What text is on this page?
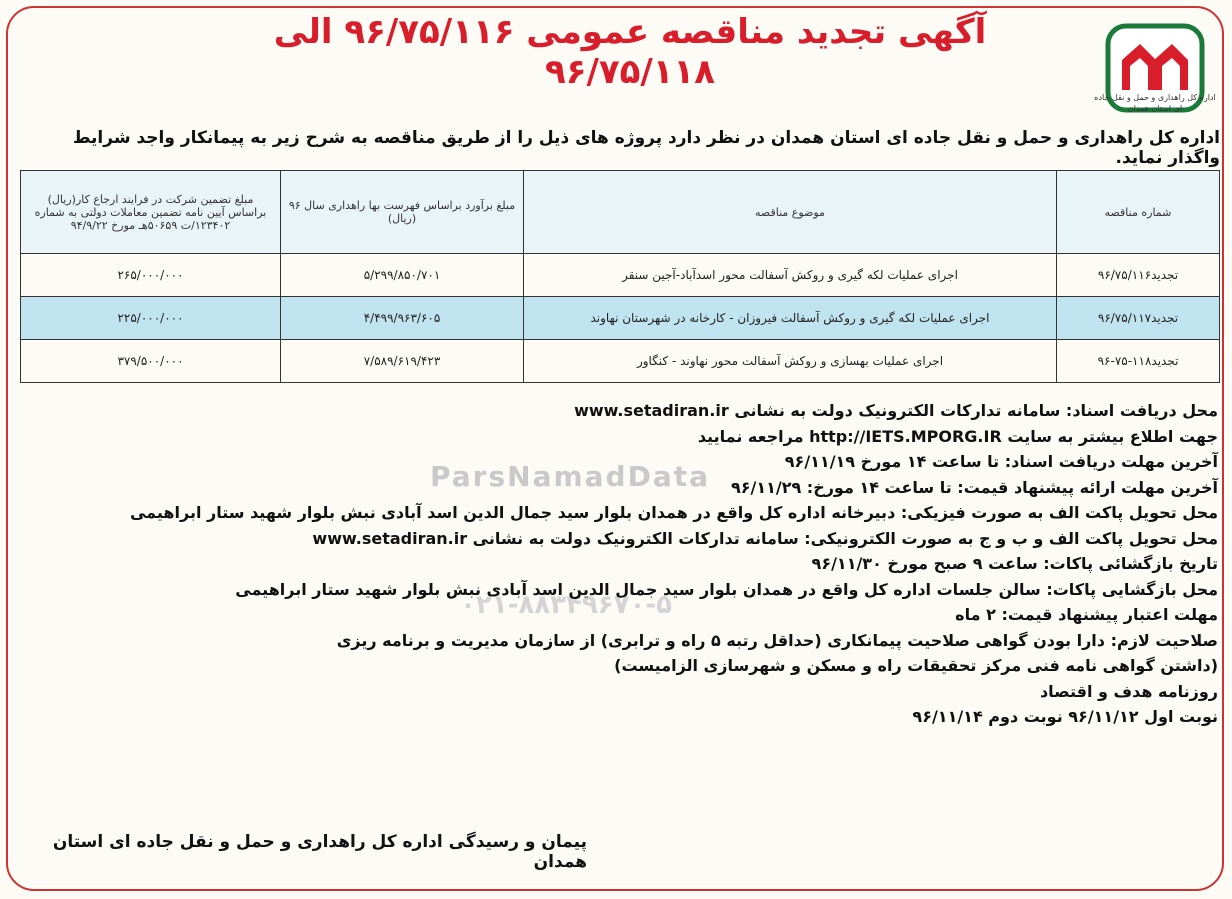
اداره کل راهداری و حمل و نقل جاده ای استان همدان
آگهی تجدید مناقصه عمومی ۹۶/۷۵/۱۱۶ الی ۹۶/۷۵/۱۱۸
اداره کل راهداری و حمل و نقل جاده ای استان همدان در نظر دارد پروژه های ذیل را از طریق مناقصه به شرح زیر به پیمانکار واجد شرایط واگذار نماید.
شماره مناقصه	موضوع مناقصه	مبلغ برآورد براساس فهرست بها راهداری سال ۹۶ (ریال)	مبلغ تضمین شرکت در فرایند ارجاع کار(ریال) براساس آیین نامه تضمین معاملات دولتی به شماره ۱۲۳۴۰۲/ت ۵۰۶۵۹هـ مورخ ۹۴/۹/۲۲
تجدید۹۶/۷۵/۱۱۶	اجرای عملیات لکه گیری و روکش آسفالت محور اسدآباد-آجین سنقر	۵/۲۹۹/۸۵۰/۷۰۱	۲۶۵/۰۰۰/۰۰۰
تجدید۹۶/۷۵/۱۱۷	اجرای عملیات لکه گیری و روکش آسفالت فیروزان - کارخانه در شهرستان نهاوند	۴/۴۹۹/۹۶۳/۶۰۵	۲۲۵/۰۰۰/۰۰۰
تجدید۱۱۸-۷۵-۹۶	اجرای عملیات بهسازی و روکش آسفالت محور نهاوند - کنگاور	۷/۵۸۹/۶۱۹/۴۲۳	۳۷۹/۵۰۰/۰۰۰
ParsNamadData
۰۲۱-۸۸۳۴۹۶۷۰-۵
محل دریافت اسناد: سامانه تدارکات الکترونیک دولت به نشانی www.setadiran.ir
جهت اطلاع بیشتر به سایت http://IETS.MPORG.IR مراجعه نمایید
آخرین مهلت دریافت اسناد: تا ساعت ۱۴ مورخ ۹۶/۱۱/۱۹
آخرین مهلت ارائه پیشنهاد قیمت: تا ساعت ۱۴ مورخ: ۹۶/۱۱/۲۹
محل تحویل پاکت الف به صورت فیزیکی: دبیرخانه اداره کل واقع در همدان بلوار سید جمال الدین اسد آبادی نبش بلوار شهید ستار ابراهیمی
محل تحویل پاکت الف و ب و ج به صورت الکترونیکی: سامانه تدارکات الکترونیک دولت به نشانی www.setadiran.ir
تاریخ بازگشائی پاکات: ساعت ۹ صبح مورخ ۹۶/۱۱/۳۰
محل بازگشایی پاکات: سالن جلسات اداره کل واقع در همدان بلوار سید جمال الدین اسد آبادی نبش بلوار شهید ستار ابراهیمی
مهلت اعتبار پیشنهاد قیمت: ۲ ماه
صلاحیت لازم: دارا بودن گواهی صلاحیت پیمانکاری (حداقل رتبه ۵ راه و ترابری) از سازمان مدیریت و برنامه ریزی
(داشتن گواهی نامه فنی مرکز تحقیقات راه و مسکن و شهرسازی الزامیست)
روزنامه هدف و اقتصاد
نوبت اول ۹۶/۱۱/۱۲ نوبت دوم ۹۶/۱۱/۱۴
پیمان و رسیدگی اداره کل راهداری و حمل و نقل جاده ای استان همدان
